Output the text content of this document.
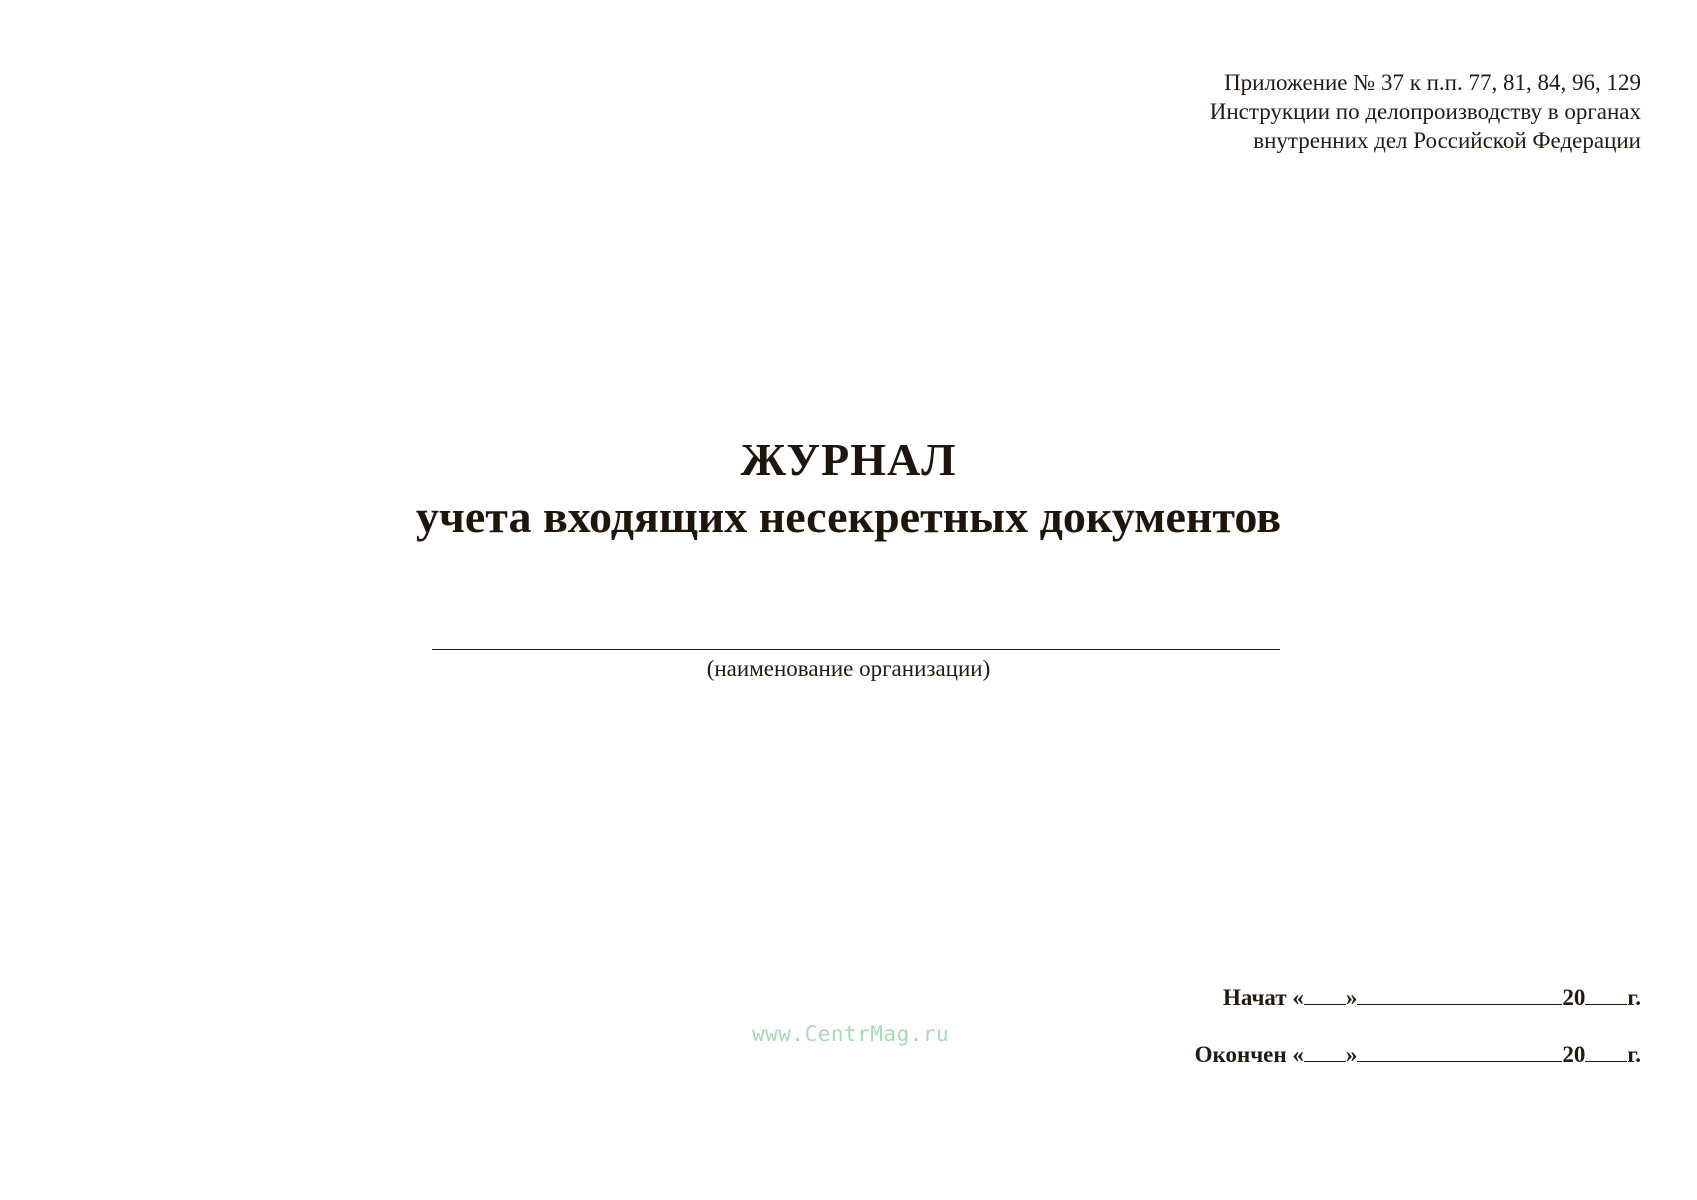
Приложение № 37 к п.п. 77, 81, 84, 96, 129
Инструкции по делопроизводству в органах
внутренних дел Российской Федерации
ЖУРНАЛ
учета входящих несекретных документов
(наименование организации)
Начат « »	20 г.
Окончен « »	20 г.
www.CentrMag.ru
